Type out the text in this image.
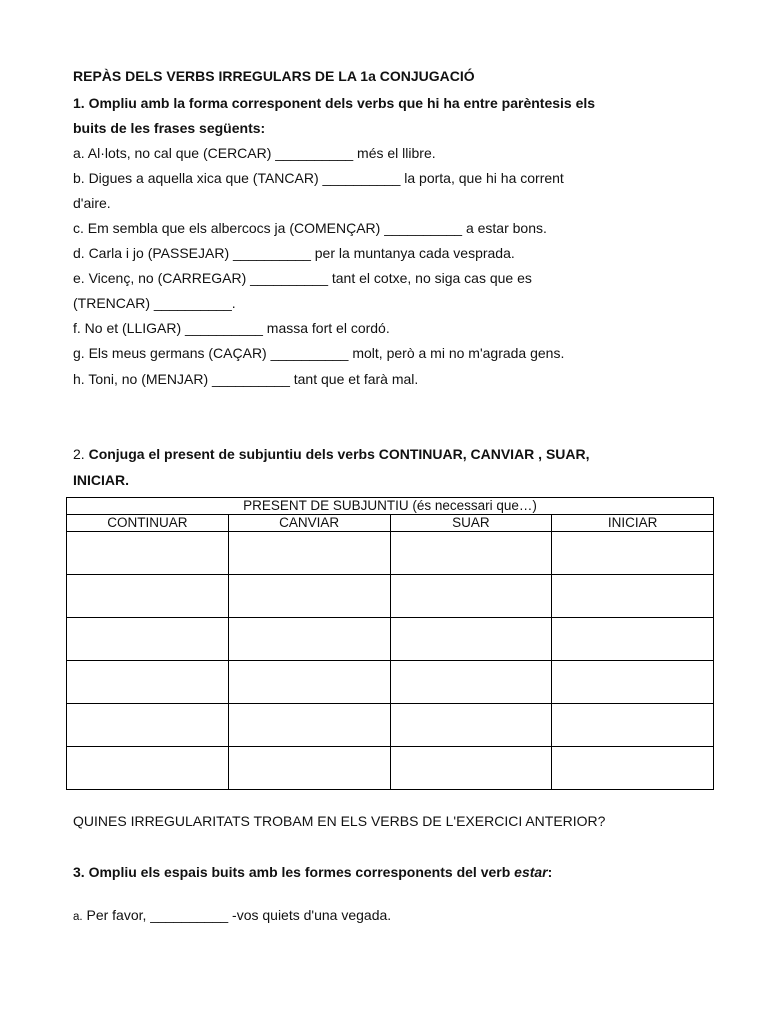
REPÀS DELS VERBS IRREGULARS DE LA 1a CONJUGACIÓ
1. Ompliu amb la forma corresponent dels verbs que hi ha entre parèntesis els
buits de les frases següents:
a. Al·lots, no cal que (CERCAR) __________ més el llibre.
b. Digues a aquella xica que (TANCAR) __________ la porta, que hi ha corrent
d'aire.
c. Em sembla que els albercocs ja (COMENÇAR) __________ a estar bons.
d. Carla i jo (PASSEJAR) __________ per la muntanya cada vesprada.
e. Vicenç, no (CARREGAR) __________ tant el cotxe, no siga cas que es
(TRENCAR) __________.
f. No et (LLIGAR) __________ massa fort el cordó.
g. Els meus germans (CAÇAR) __________ molt, però a mi no m'agrada gens.
h. Toni, no (MENJAR) __________ tant que et farà mal.
2. Conjuga el present de subjuntiu dels verbs CONTINUAR, CANVIAR , SUAR,
INICIAR.
PRESENT DE SUBJUNTIU (és necessari que…)			
CONTINUAR	CANVIAR	SUAR	INICIAR

QUINES IRREGULARITATS TROBAM EN ELS VERBS DE L'EXERCICI ANTERIOR?
3. Ompliu els espais buits amb les formes corresponents del verb estar:
a. Per favor, __________ -vos quiets d'una vegada.
